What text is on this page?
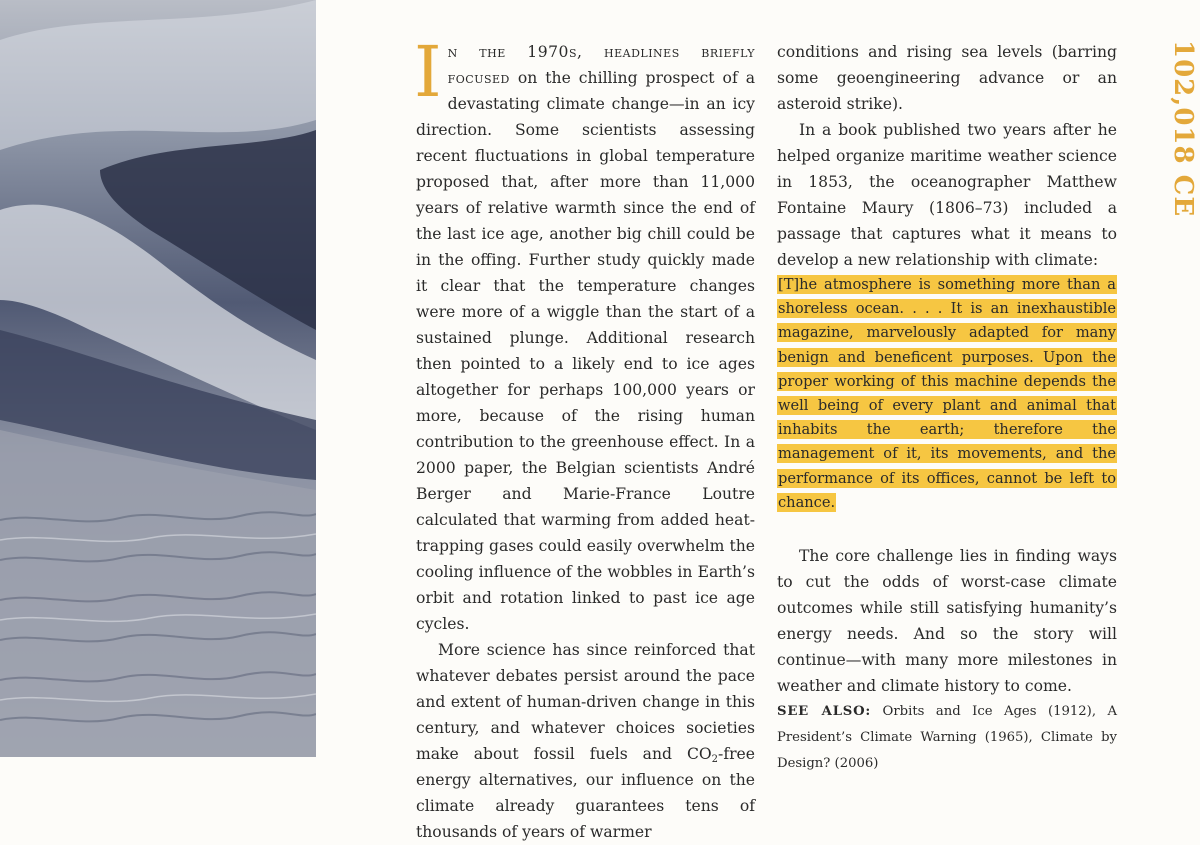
In the 1970s, headlines briefly focused on the chilling prospect of a devastating climate change—in an icy direction. Some scientists assessing recent fluctuations in global temperature proposed that, after more than 11,000 years of relative warmth since the end of the last ice age, another big chill could be in the offing. Further study quickly made it clear that the temperature changes were more of a wiggle than the start of a sustained plunge. Additional research then pointed to a likely end to ice ages altogether for perhaps 100,000 years or more, because of the rising human contribution to the greenhouse effect. In a 2000 paper, the Belgian scientists André Berger and Marie-France Loutre calculated that warming from added heat-trapping gases could easily overwhelm the cooling influence of the wobbles in Earth’s orbit and rotation linked to past ice age cycles.

More science has since reinforced that whatever debates persist around the pace and extent of human-driven change in this century, and whatever choices societies make about fossil fuels and $CO_2$-free energy alternatives, our influence on the climate already guarantees tens of thousands of years of warmer

conditions and rising sea levels (barring some geoengineering advance or an asteroid strike).

In a book published two years after he helped organize maritime weather science in 1853, the oceanographer Matthew Fontaine Maury (1806–73) included a passage that captures what it means to develop a new relationship with climate:

[T]he atmosphere is something more than a shoreless ocean. . . . It is an inexhaustible magazine, marvelously adapted for many benign and beneficent purposes. Upon the proper working of this machine depends the well being of every plant and animal that inhabits the earth; therefore the management of it, its movements, and the performance of its offices, cannot be left to chance.

The core challenge lies in finding ways to cut the odds of worst-case climate outcomes while still satisfying humanity’s energy needs. And so the story will continue—with many more milestones in weather and climate history to come.

SEE ALSO: Orbits and Ice Ages (1912), A President’s Climate Warning (1965), Climate by Design? (2006)

102,018 CE
